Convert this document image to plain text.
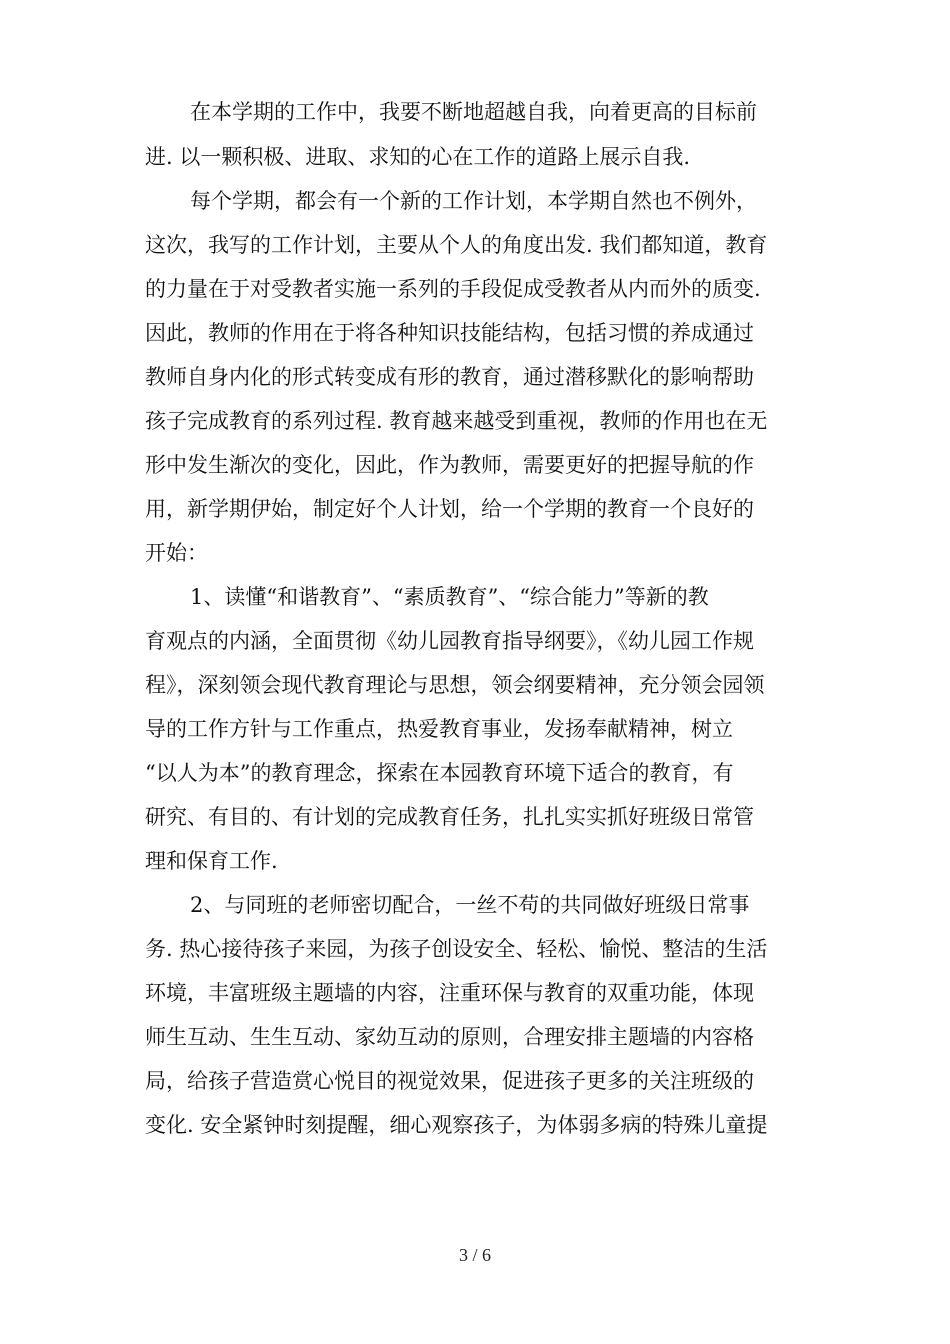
在本学期的工作中，我要不断地超越自我，向着更高的目标前

进. 以一颗积极、进取、求知的心在工作的道路上展示自我.

每个学期，都会有一个新的工作计划，本学期自然也不例外，

这次，我写的工作计划，主要从个人的角度出发. 我们都知道，教育

的力量在于对受教者实施一系列的手段促成受教者从内而外的质变.

因此，教师的作用在于将各种知识技能结构，包括习惯的养成通过

教师自身内化的形式转变成有形的教育，通过潜移默化的影响帮助

孩子完成教育的系列过程. 教育越来越受到重视，教师的作用也在无

形中发生渐次的变化，因此，作为教师，需要更好的把握导航的作

用，新学期伊始，制定好个人计划，给一个学期的教育一个良好的

开始：

1、读懂“和谐教育”、“素质教育”、“综合能力”等新的教

育观点的内涵，全面贯彻《幼儿园教育指导纲要》，《幼儿园工作规

程》，深刻领会现代教育理论与思想，领会纲要精神，充分领会园领

导的工作方针与工作重点，热爱教育事业，发扬奉献精神，树立

“以人为本”的教育理念，探索在本园教育环境下适合的教育，有

研究、有目的、有计划的完成教育任务，扎扎实实抓好班级日常管

理和保育工作.

2、与同班的老师密切配合，一丝不苟的共同做好班级日常事

务. 热心接待孩子来园，为孩子创设安全、轻松、愉悦、整洁的生活

环境，丰富班级主题墙的内容，注重环保与教育的双重功能，体现

师生互动、生生互动、家幼互动的原则，合理安排主题墙的内容格

局，给孩子营造赏心悦目的视觉效果，促进孩子更多的关注班级的

变化. 安全紧钟时刻提醒，细心观察孩子，为体弱多病的特殊儿童提

3 / 6
